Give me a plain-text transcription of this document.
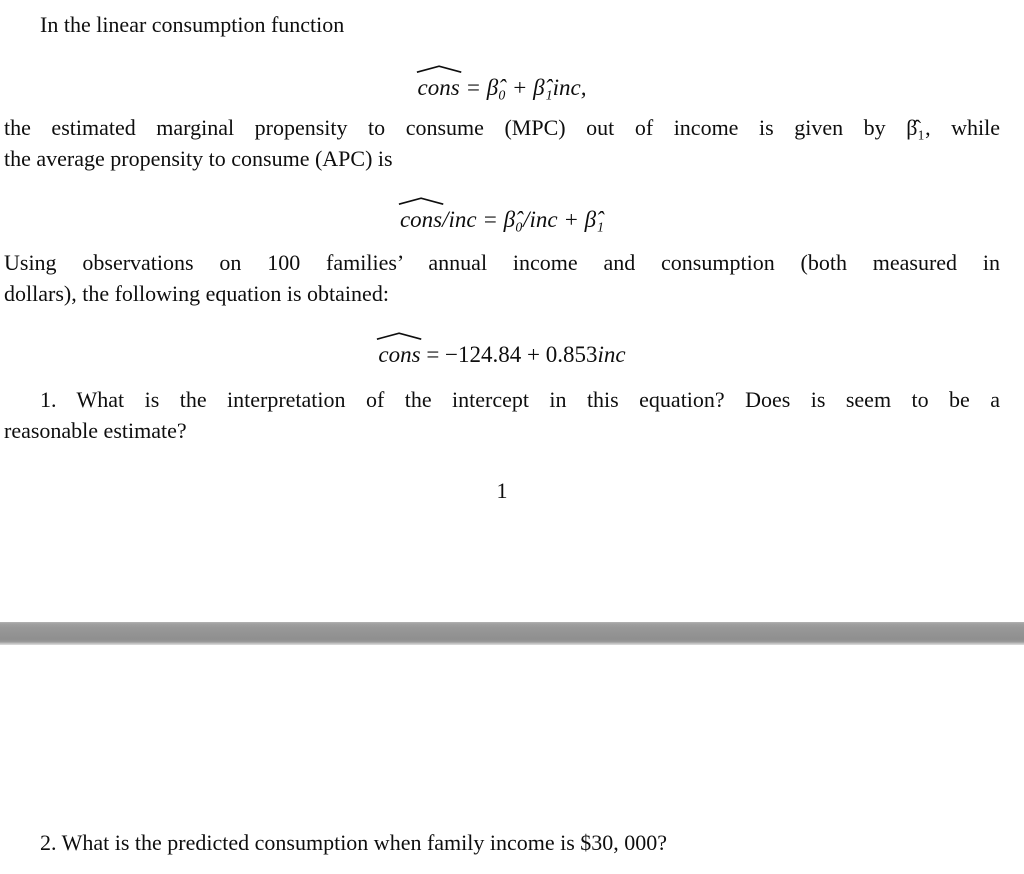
In the linear consumption function
cons = β̂₀ + β̂₁inc,
the estimated marginal propensity to consume (MPC) out of income is given by β̂₁, while
the average propensity to consume (APC) is
cons/inc = β̂₀/inc + β̂₁
Using observations on 100 families’ annual income and consumption (both measured in
dollars), the following equation is obtained:
cons = −124.84 + 0.853inc
1. What is the interpretation of the intercept in this equation? Does is seem to be a
reasonable estimate?
1
2. What is the predicted consumption when family income is $30, 000?
